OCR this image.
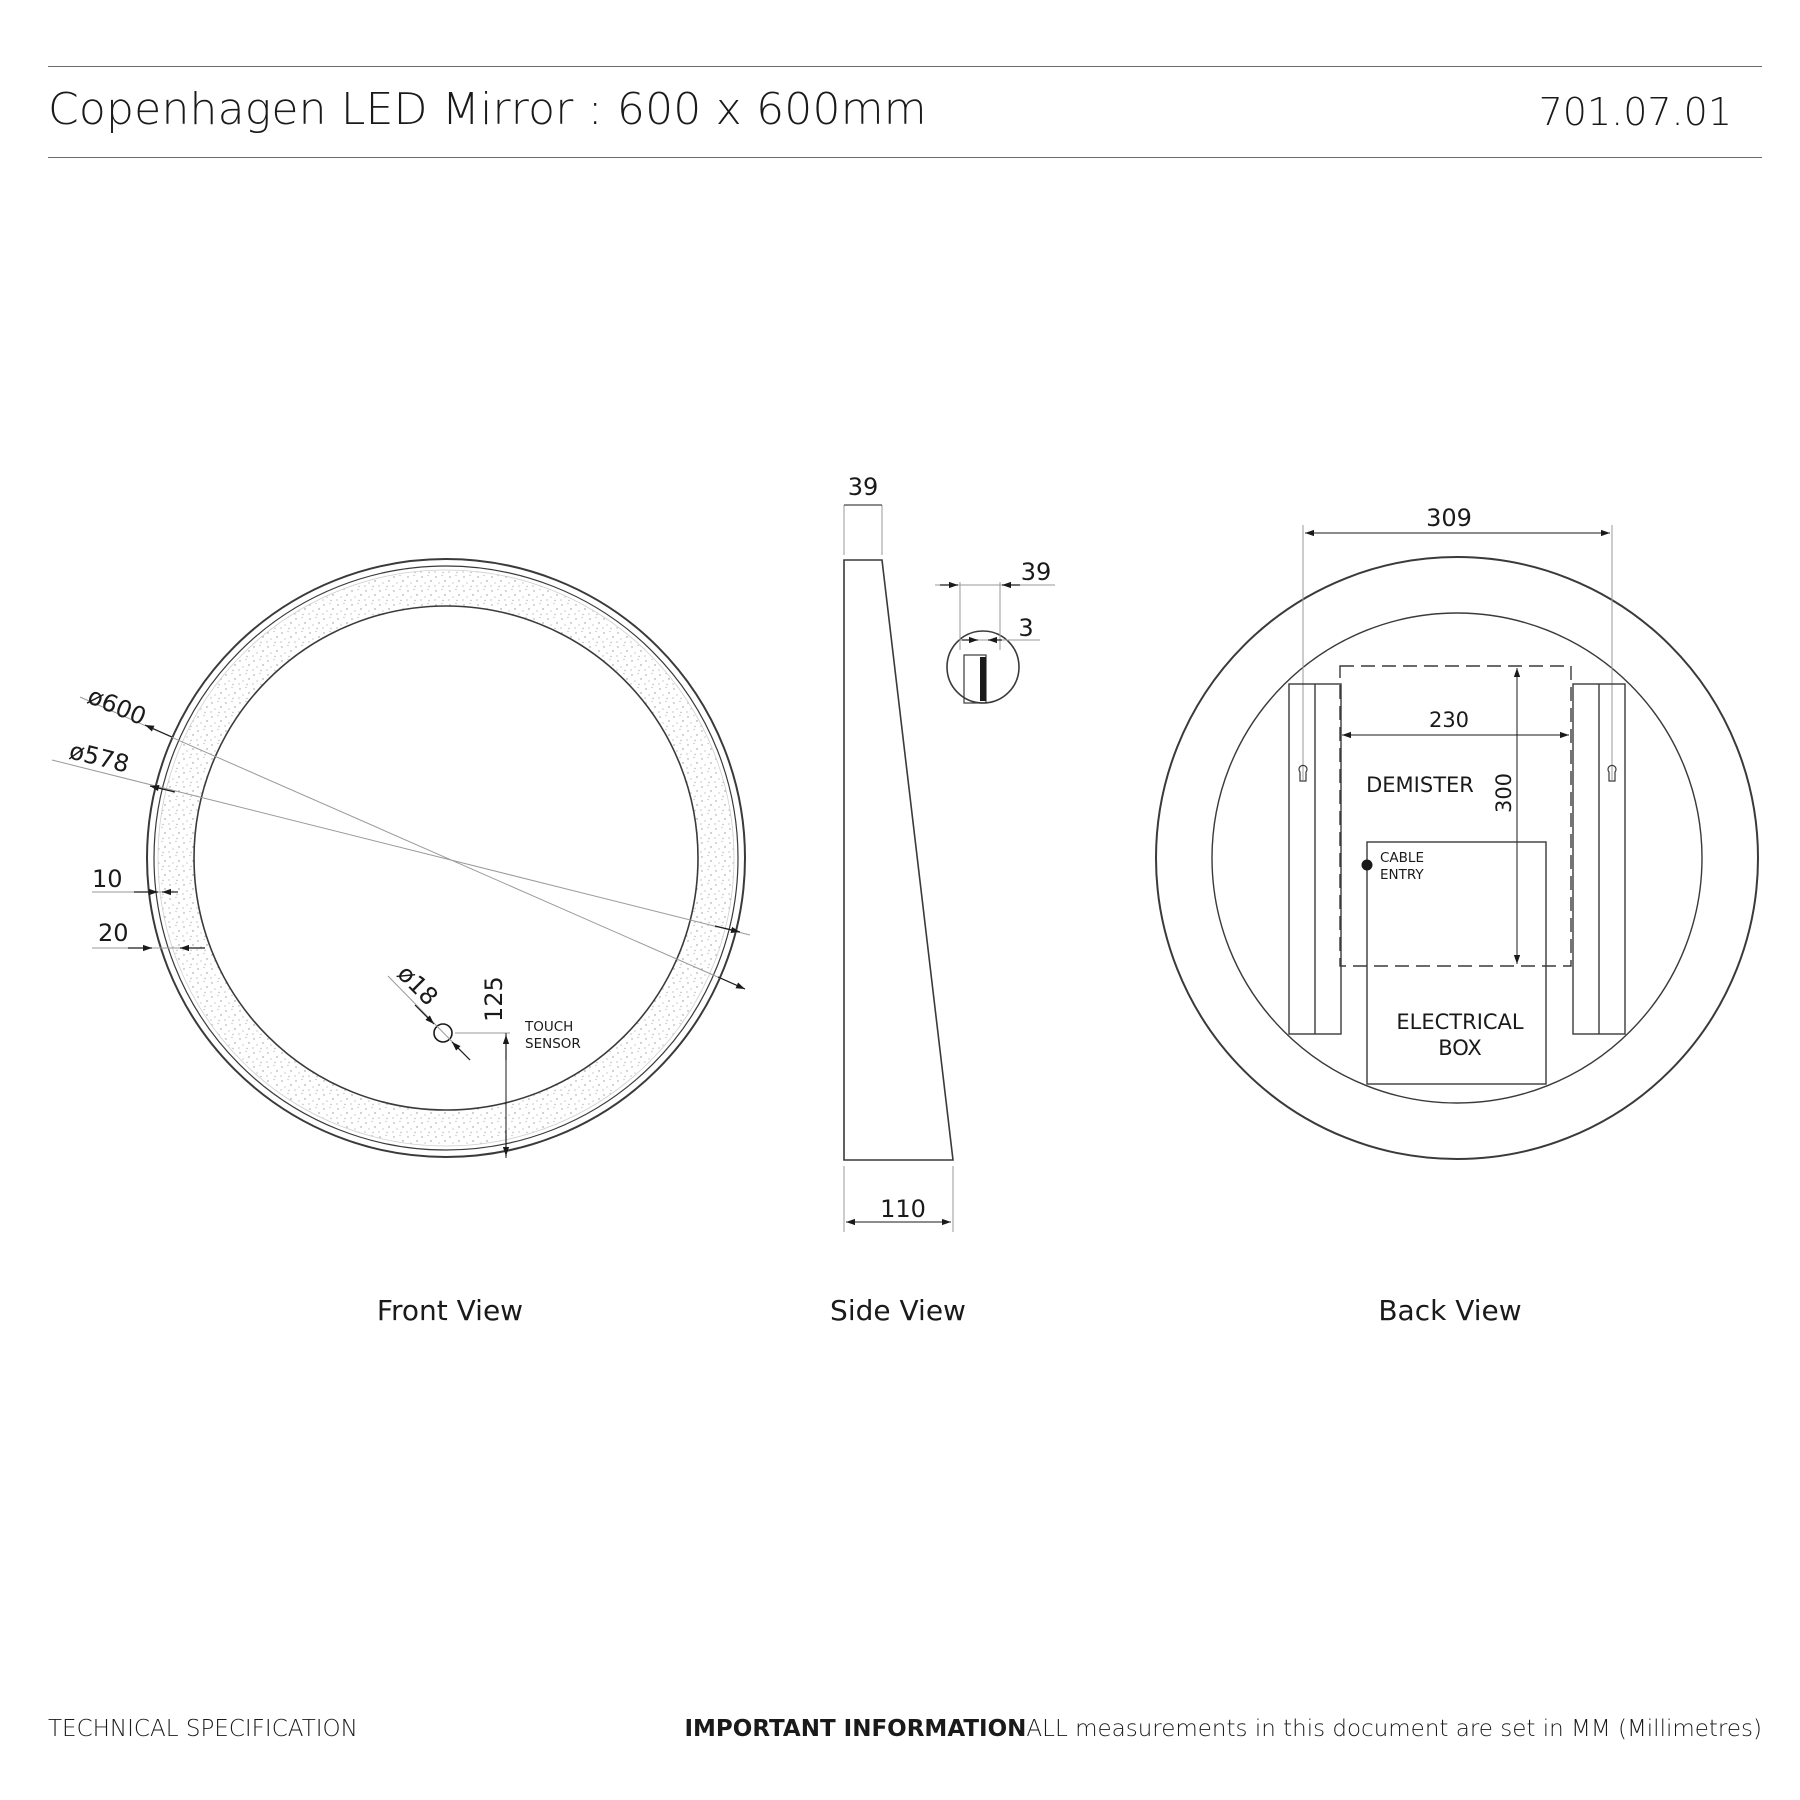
Copenhagen LED Mirror : 600 x 600mm	701.07.01
ø600
ø578
10
20
ø18 125
TOUCH
SENSOR
Front View
39
110
39
3
Side View
309
230
300
DEMISTER
CABLE
ENTRY
ELECTRICAL
BOX
Back View
TECHNICAL SPECIFICATION	IMPORTANT INFORMATIONALL measurements in this document are set in MM (Millimetres)
